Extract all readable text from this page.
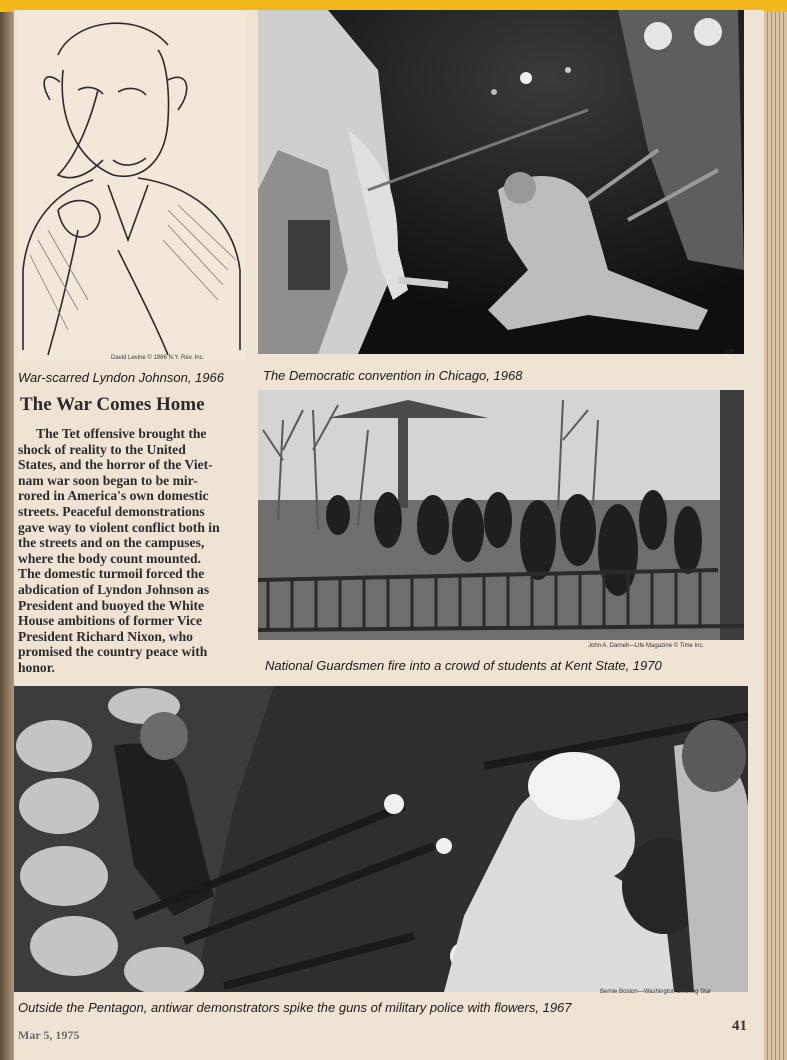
David Levine © 1966 N.Y. Rev. Inc.
War-scarred Lyndon Johnson, 1966
UPI
The Democratic convention in Chicago, 1968
The War Comes Home
The Tet offensive brought the
shock of reality to the United
States, and the horror of the Viet-
nam war soon began to be mir-
rored in America's own domestic
streets. Peaceful demonstrations
gave way to violent conflict both in
the streets and on the campuses,
where the body count mounted.
The domestic turmoil forced the
abdication of Lyndon Johnson as
President and buoyed the White
House ambitions of former Vice
President Richard Nixon, who
promised the country peace with
honor.
John A. Darnell—Life Magazine © Time Inc.
National Guardsmen fire into a crowd of students at Kent State, 1970
Bernie Boston—Washington Evening Star
Outside the Pentagon, antiwar demonstrators spike the guns of military police with flowers, 1967
Mar 5, 1975
41
